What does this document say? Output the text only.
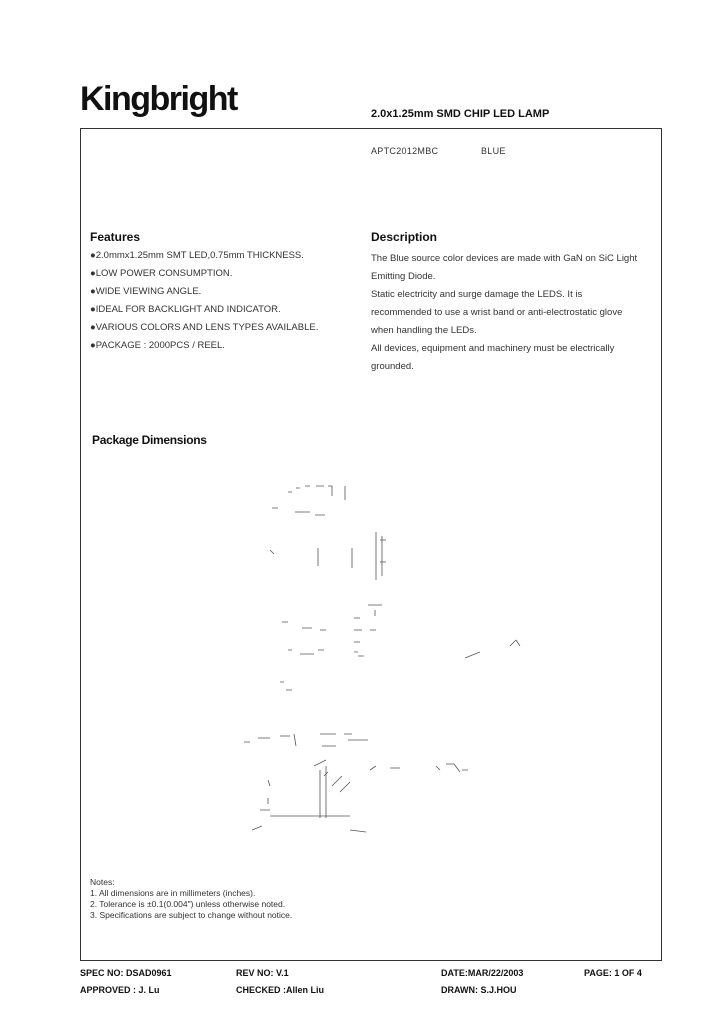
Kingbright	2.0x1.25mm SMD CHIP LED LAMP
APTC2012MBC	BLUE
Features
●2.0mmx1.25mm SMT LED,0.75mm THICKNESS.
●LOW POWER CONSUMPTION.
●WIDE VIEWING ANGLE.
●IDEAL FOR BACKLIGHT AND INDICATOR.
●VARIOUS COLORS AND LENS TYPES AVAILABLE.
●PACKAGE : 2000PCS / REEL.
Description

The Blue source color devices are made with GaN on SiC Light Emitting Diode.

Static electricity and surge damage the LEDS. It is recommended to use a wrist band or anti-electrostatic glove when handling the LEDs.

All devices, equipment and machinery must be electrically grounded.

Package Dimensions
Notes:
1. All dimensions are in millimeters (inches).
2. Tolerance is ±0.1(0.004") unless otherwise noted.
3. Specifications are subject to change without notice.
SPEC NO: DSAD0961	REV NO: V.1	DATE:MAR/22/2003	PAGE: 1 OF 4
APPROVED : J. Lu	CHECKED :Allen Liu	DRAWN: S.J.HOU
